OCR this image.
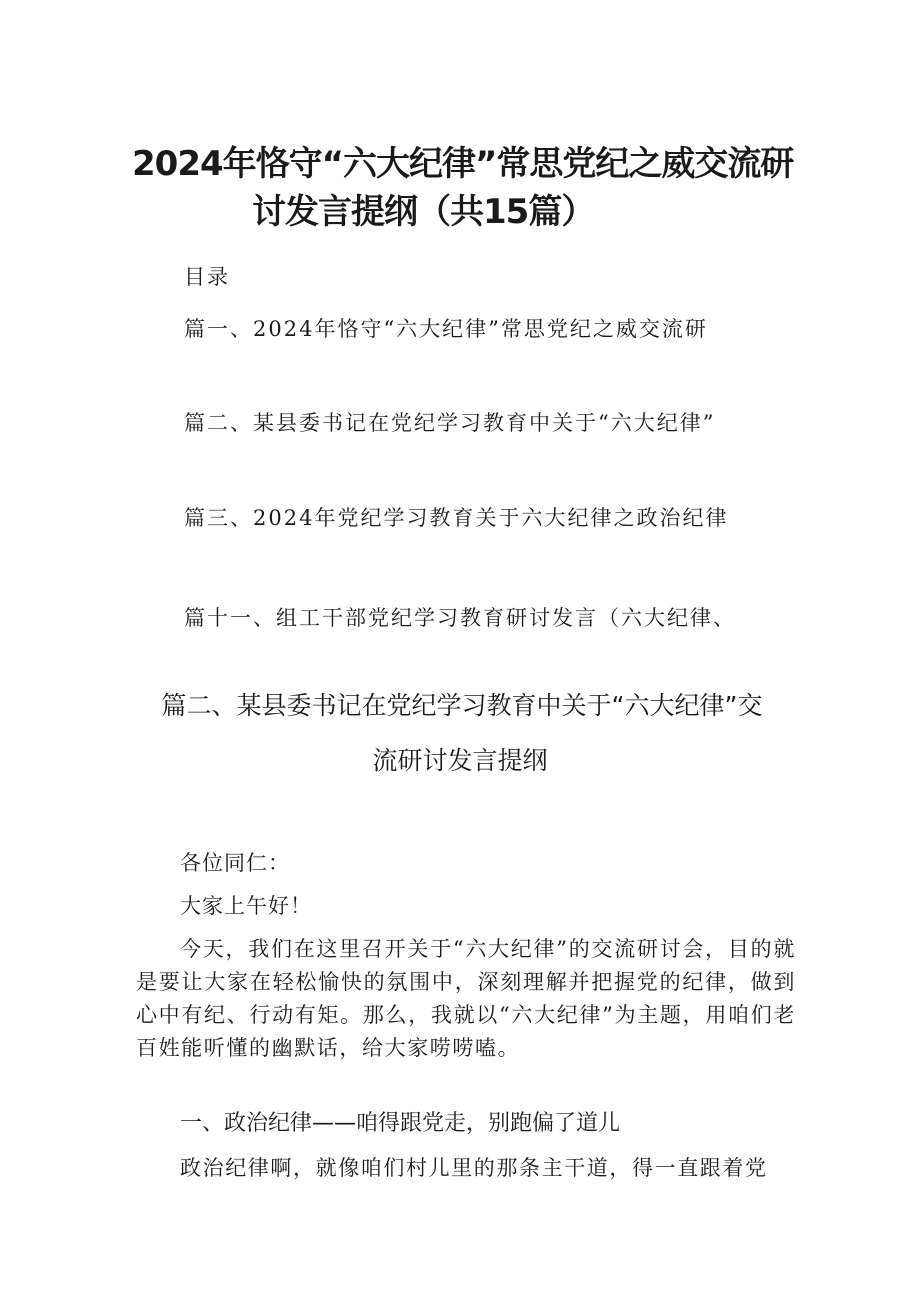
2024年恪守“六大纪律”常思党纪之威交流研
讨发言提纲（共15篇）
目录
篇一、2024年恪守“六大纪律”常思党纪之威交流研
篇二、某县委书记在党纪学习教育中关于“六大纪律”
篇三、2024年党纪学习教育关于六大纪律之政治纪律
篇十一、组工干部党纪学习教育研讨发言（六大纪律、
篇二、某县委书记在党纪学习教育中关于“六大纪律”交
流研讨发言提纲
各位同仁：
大家上午好！
今天，我们在这里召开关于“六大纪律”的交流研讨会，目的就是要让大家在轻松愉快的氛围中，深刻理解并把握党的纪律，做到心中有纪、行动有矩。那么，我就以“六大纪律”为主题，用咱们老百姓能听懂的幽默话，给大家唠唠嗑。
一、政治纪律——咱得跟党走，别跑偏了道儿
政治纪律啊，就像咱们村儿里的那条主干道，得一直跟着党
